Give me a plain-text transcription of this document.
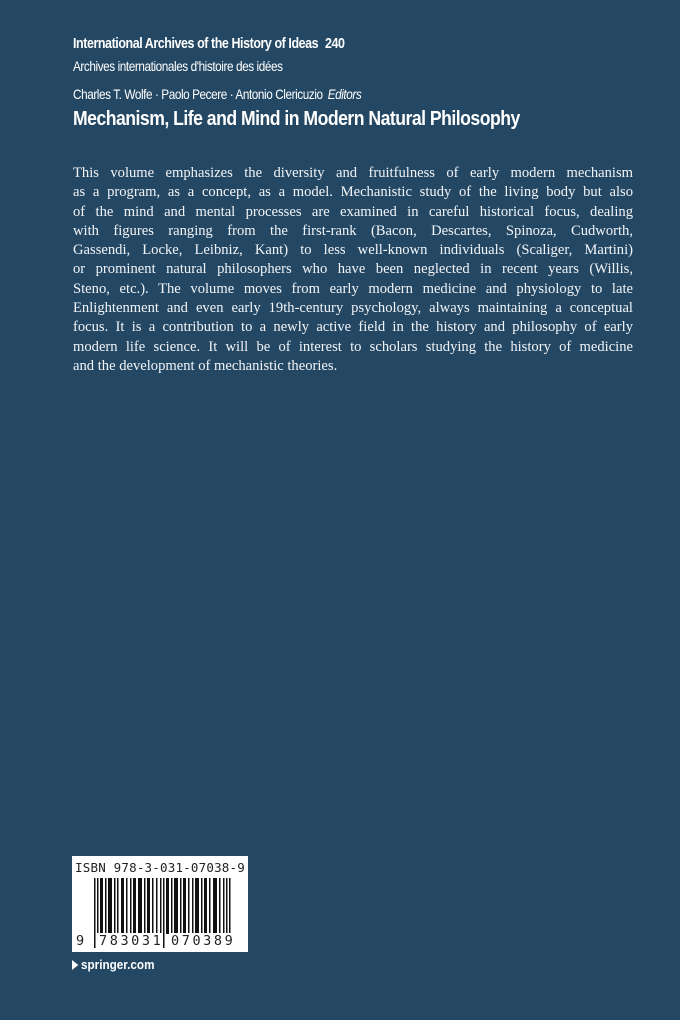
International Archives of the History of Ideas 240
Archives internationales d'histoire des idées
Charles T. Wolfe · Paolo Pecere · Antonio Clericuzio Editors
Mechanism, Life and Mind in Modern Natural Philosophy
This volume emphasizes the diversity and fruitfulness of early modern mechanism
as a program, as a concept, as a model. Mechanistic study of the living body but also
of the mind and mental processes are examined in careful historical focus, dealing
with figures ranging from the first-rank (Bacon, Descartes, Spinoza, Cudworth,
Gassendi, Locke, Leibniz, Kant) to less well-known individuals (Scaliger, Martini)
or prominent natural philosophers who have been neglected in recent years (Willis,
Steno, etc.). The volume moves from early modern medicine and physiology to late
Enlightenment and even early 19th-century psychology, always maintaining a conceptual
focus. It is a contribution to a newly active field in the history and philosophy of early
modern life science. It will be of interest to scholars studying the history of medicine
and the development of mechanistic theories.
ISBN 978-3-031-07038-9
9 783031 070389
springer.com
